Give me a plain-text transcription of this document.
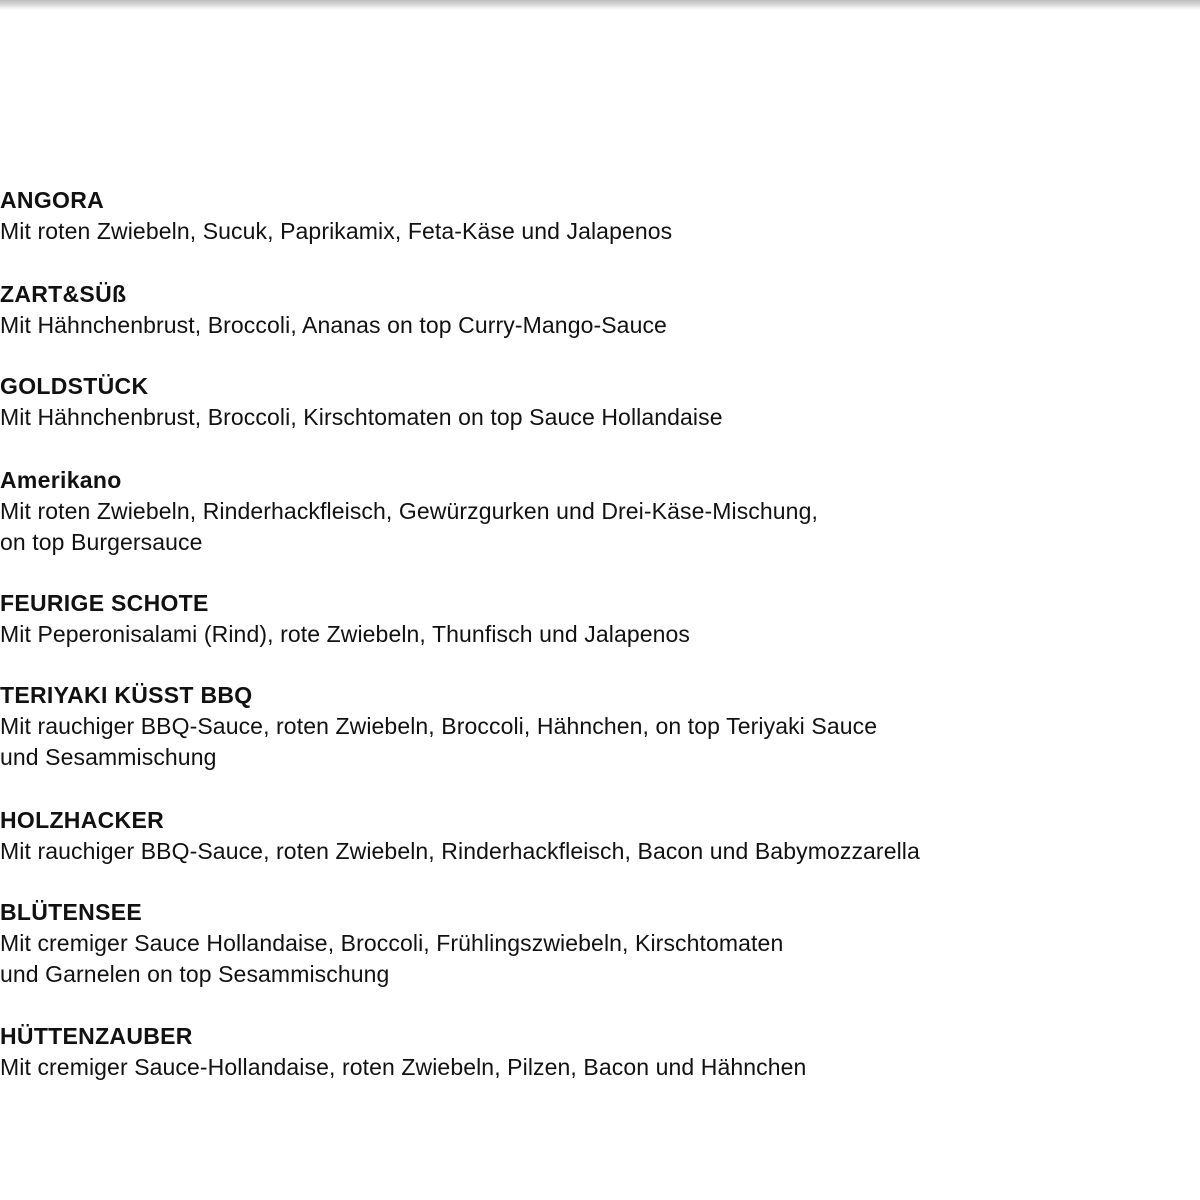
ANGORA
Mit roten Zwiebeln, Sucuk, Paprikamix, Feta-Käse und Jalapenos
ZART&SÜß
Mit Hähnchenbrust, Broccoli, Ananas on top Curry-Mango-Sauce
GOLDSTÜCK
Mit Hähnchenbrust, Broccoli, Kirschtomaten on top Sauce Hollandaise
Amerikano
Mit roten Zwiebeln, Rinderhackfleisch, Gewürzgurken und Drei-Käse-Mischung,
on top Burgersauce
FEURIGE SCHOTE
Mit Peperonisalami (Rind), rote Zwiebeln, Thunfisch und Jalapenos
TERIYAKI KÜSST BBQ
Mit rauchiger BBQ-Sauce, roten Zwiebeln, Broccoli, Hähnchen, on top Teriyaki Sauce
und Sesammischung
HOLZHACKER
Mit rauchiger BBQ-Sauce, roten Zwiebeln, Rinderhackfleisch, Bacon und Babymozzarella
BLÜTENSEE
Mit cremiger Sauce Hollandaise, Broccoli, Frühlingszwiebeln, Kirschtomaten
und Garnelen on top Sesammischung
HÜTTENZAUBER
Mit cremiger Sauce-Hollandaise, roten Zwiebeln, Pilzen, Bacon und Hähnchen
